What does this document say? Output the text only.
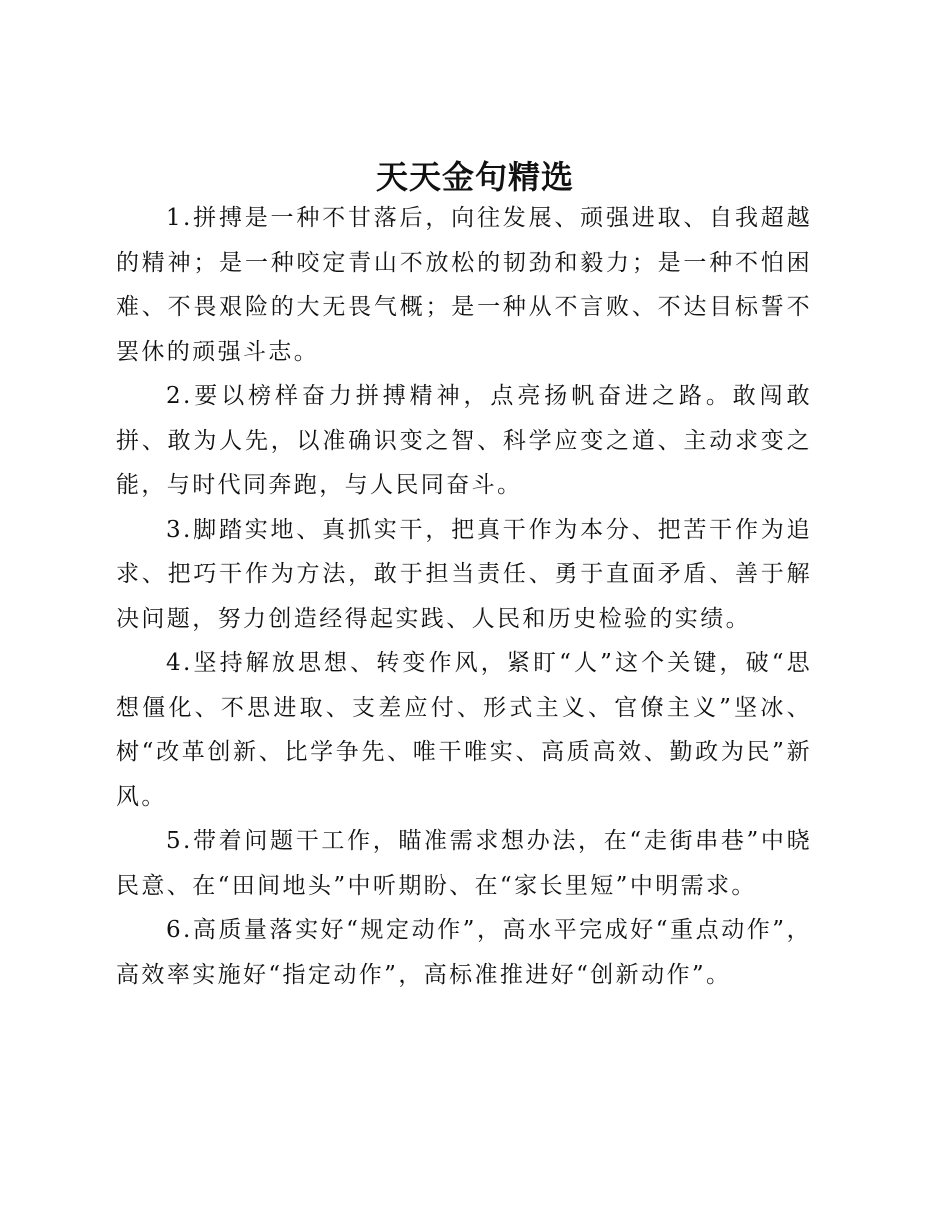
天天金句精选

1.拼搏是一种不甘落后，向往发展、顽强进取、自我超越的精神；是一种咬定青山不放松的韧劲和毅力；是一种不怕困难、不畏艰险的大无畏气概；是一种从不言败、不达目标誓不罢休的顽强斗志。

2.要以榜样奋力拼搏精神，点亮扬帆奋进之路。敢闯敢拼、敢为人先，以准确识变之智、科学应变之道、主动求变之能，与时代同奔跑，与人民同奋斗。

3.脚踏实地、真抓实干，把真干作为本分、把苦干作为追求、把巧干作为方法，敢于担当责任、勇于直面矛盾、善于解决问题，努力创造经得起实践、人民和历史检验的实绩。

4.坚持解放思想、转变作风，紧盯“人”这个关键，破“思想僵化、不思进取、支差应付、形式主义、官僚主义”坚冰、树“改革创新、比学争先、唯干唯实、高质高效、勤政为民”新风。

5.带着问题干工作，瞄准需求想办法，在“走街串巷”中晓民意、在“田间地头”中听期盼、在“家长里短”中明需求。

6.高质量落实好“规定动作”，高水平完成好“重点动作”，高效率实施好“指定动作”，高标准推进好“创新动作”。
